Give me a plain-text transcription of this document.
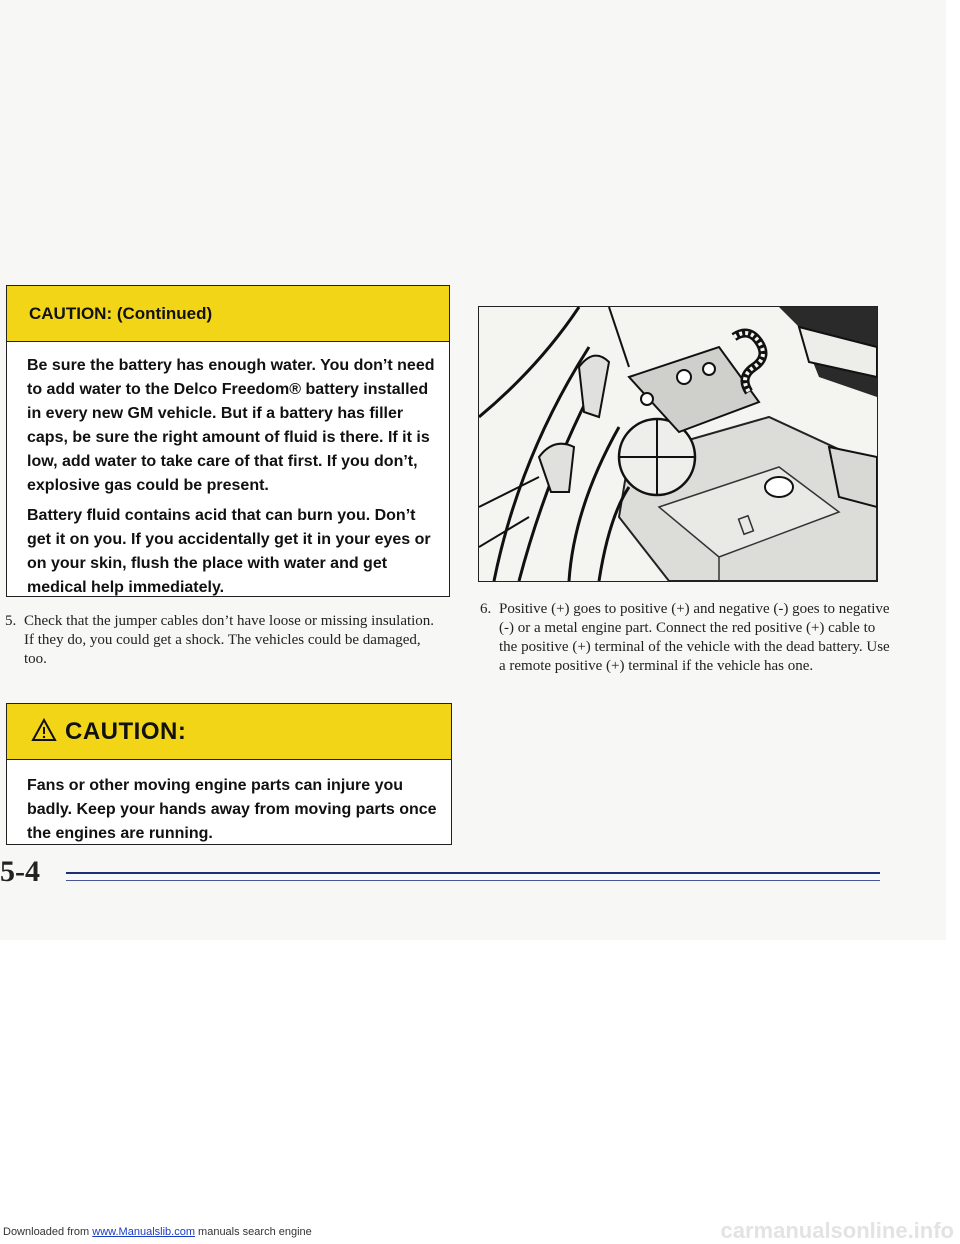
CAUTION: (Continued)

Be sure the battery has enough water. You don’t need to add water to the Delco Freedom® battery installed in every new GM vehicle. But if a battery has filler caps, be sure the right amount of fluid is there. If it is low, add water to take care of that first. If you don’t, explosive gas could be present.

Battery fluid contains acid that can burn you. Don’t get it on you. If you accidentally get it in your eyes or on your skin, flush the place with water and get medical help immediately.

5. Check that the jumper cables don’t have loose or missing insulation. If they do, you could get a shock. The vehicles could be damaged, too.
6. Positive (+) goes to positive (+) and negative (-) goes to negative (-) or a metal engine part. Connect the red positive (+) cable to the positive (+) terminal of the vehicle with the dead battery. Use a remote positive (+) terminal if the vehicle has one.
CAUTION:
Fans or other moving engine parts can injure you badly. Keep your hands away from moving parts once the engines are running.
5-4
Downloaded from www.Manualslib.com manuals search engine	carmanualsonline.info
